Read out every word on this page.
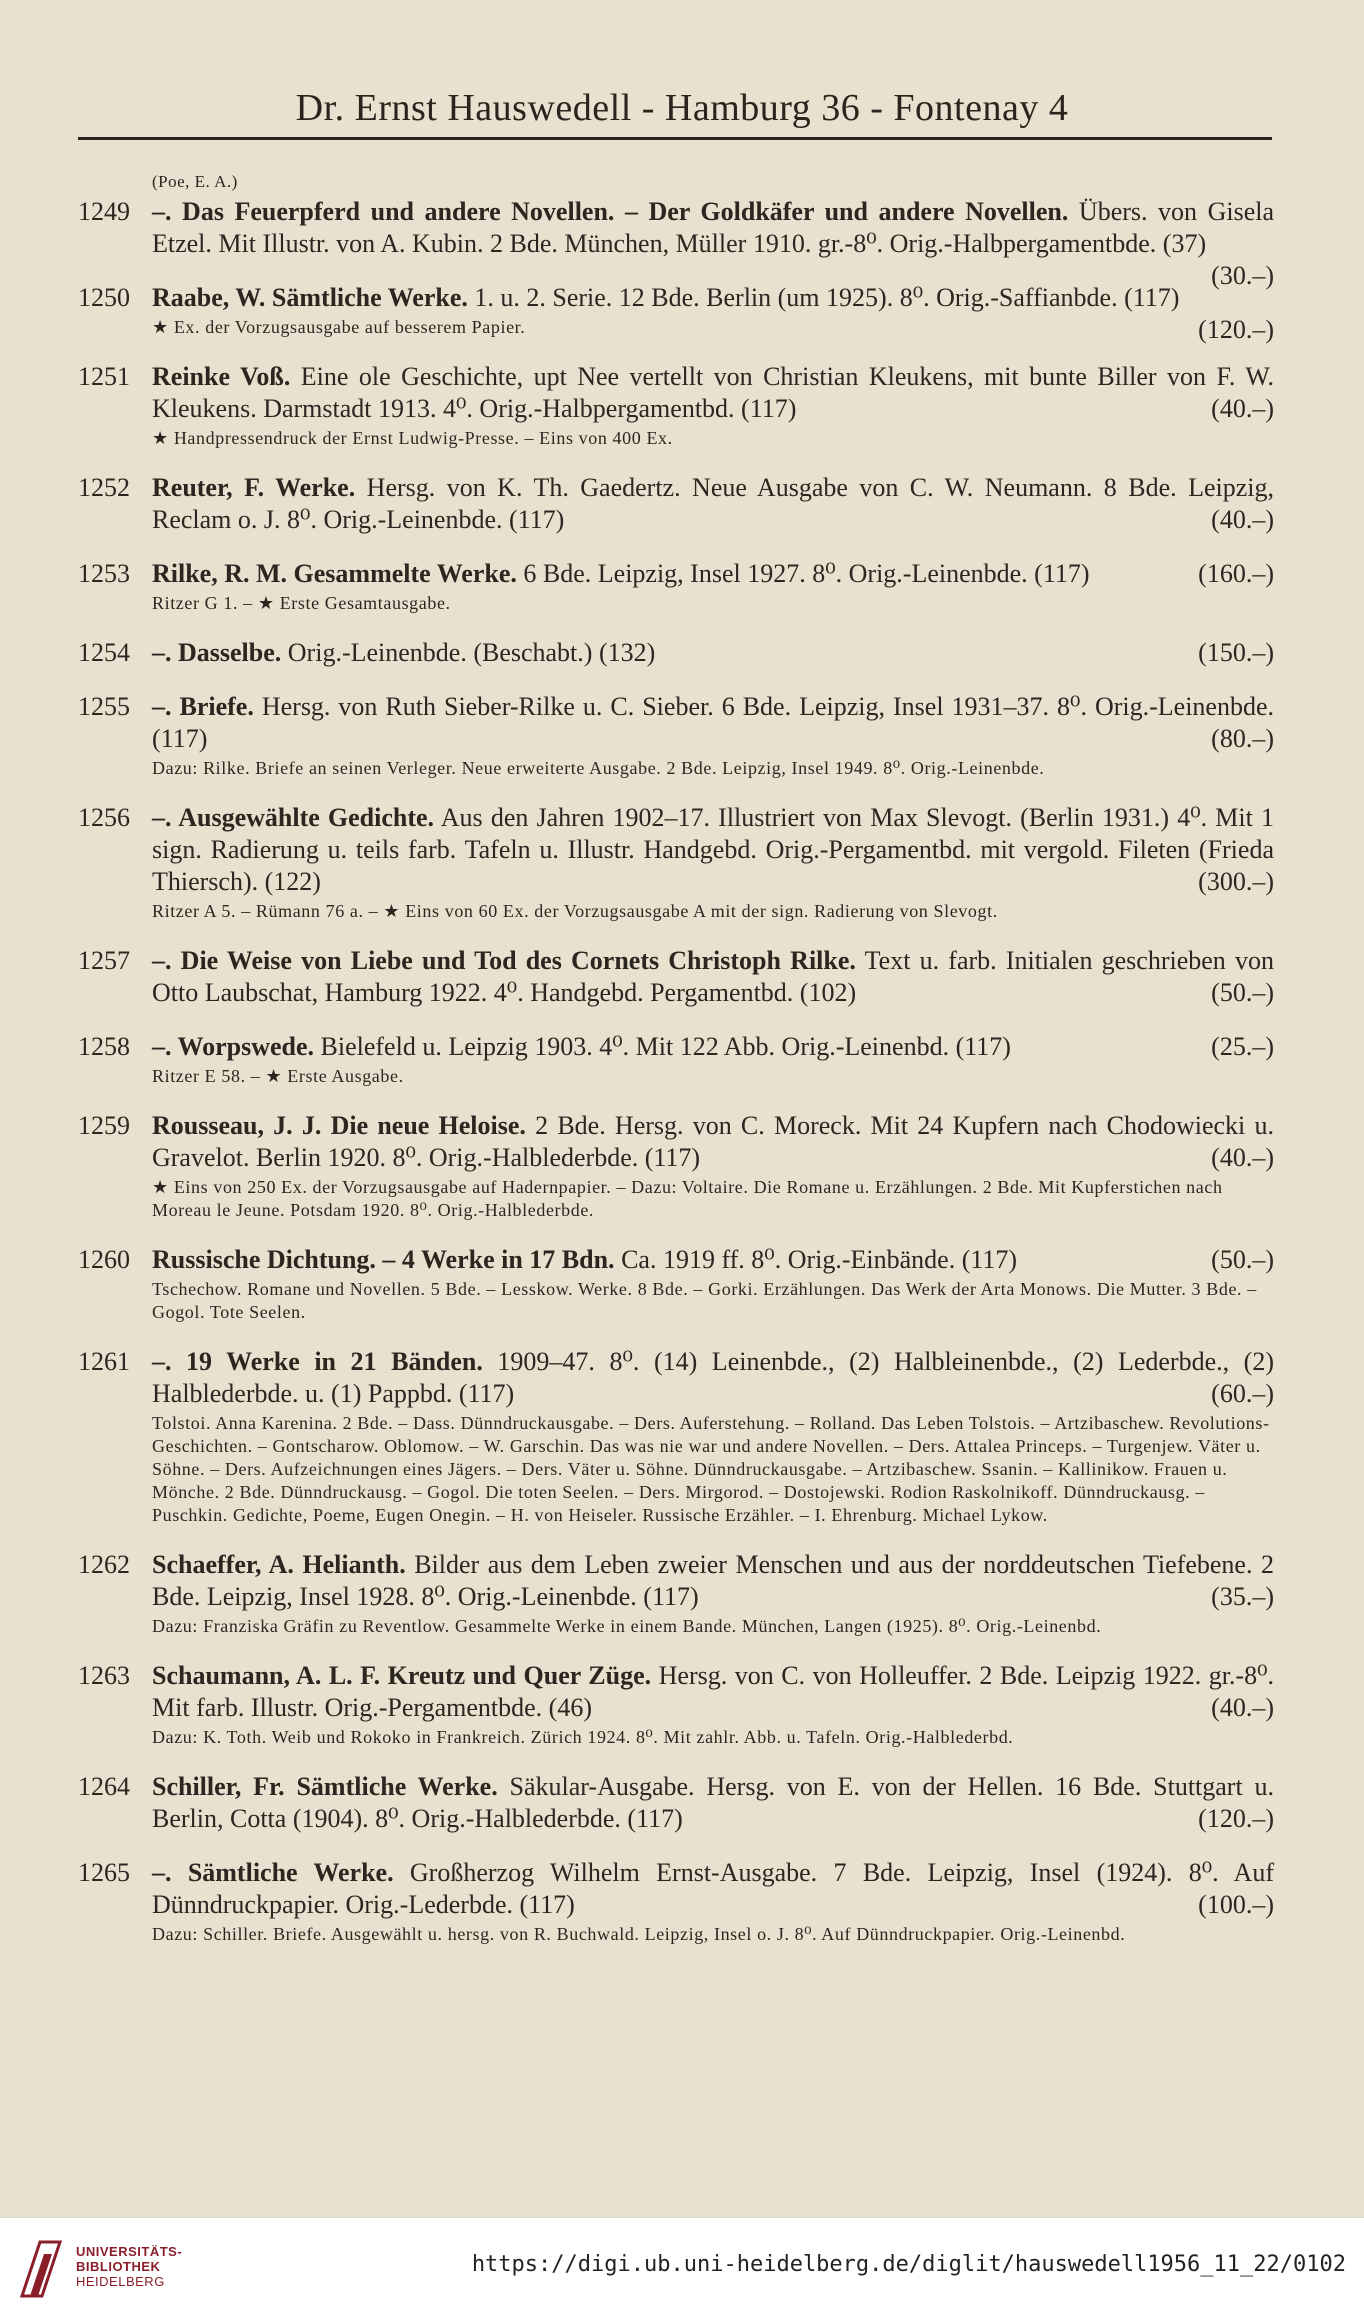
Dr. Ernst Hauswedell - Hamburg 36 - Fontenay 4
(Poe, E. A.)
1249 –. Das Feuerpferd und andere Novellen. – Der Goldkäfer und andere Novellen. Übers. von Gisela Etzel. Mit Illustr. von A. Kubin. 2 Bde. München, Müller 1910. gr.-8⁰. Orig.-Halbpergamentbde. (37)
(30.–)
1250 Raabe, W. Sämtliche Werke. 1. u. 2. Serie. 12 Bde. Berlin (um 1925). 8⁰. Orig.-Saffianbde. (117)
(120.–)
★ Ex. der Vorzugsausgabe auf besserem Papier.
1251 Reinke Voß. Eine ole Geschichte, upt Nee vertellt von Christian Kleukens, mit bunte Biller von F. W. Kleukens. Darmstadt 1913. 4⁰. Orig.-Halbpergamentbd. (117)	(40.–)
★ Handpressendruck der Ernst Ludwig-Presse. – Eins von 400 Ex.
1252 Reuter, F. Werke. Hersg. von K. Th. Gaedertz. Neue Ausgabe von C. W. Neumann. 8 Bde. Leipzig, Reclam o. J. 8⁰. Orig.-Leinenbde. (117)	(40.–)
1253 Rilke, R. M. Gesammelte Werke. 6 Bde. Leipzig, Insel 1927. 8⁰. Orig.-Leinenbde. (117)	(160.–)
Ritzer G 1. – ★ Erste Gesamtausgabe.
1254 –. Dasselbe. Orig.-Leinenbde. (Beschabt.) (132)	(150.–)
1255 –. Briefe. Hersg. von Ruth Sieber-Rilke u. C. Sieber. 6 Bde. Leipzig, Insel 1931–37. 8⁰. Orig.-Leinenbde. (117)	(80.–)
Dazu: Rilke. Briefe an seinen Verleger. Neue erweiterte Ausgabe. 2 Bde. Leipzig, Insel 1949. 8⁰. Orig.-Leinenbde.
1256 –. Ausgewählte Gedichte. Aus den Jahren 1902–17. Illustriert von Max Slevogt. (Berlin 1931.) 4⁰. Mit 1 sign. Radierung u. teils farb. Tafeln u. Illustr. Handgebd. Orig.-Pergamentbd. mit vergold. Fileten (Frieda Thiersch). (122)	(300.–)
Ritzer A 5. – Rümann 76 a. – ★ Eins von 60 Ex. der Vorzugsausgabe A mit der sign. Radierung von Slevogt.
1257 –. Die Weise von Liebe und Tod des Cornets Christoph Rilke. Text u. farb. Initialen geschrieben von Otto Laubschat, Hamburg 1922. 4⁰. Handgebd. Pergamentbd. (102)	(50.–)
1258 –. Worpswede. Bielefeld u. Leipzig 1903. 4⁰. Mit 122 Abb. Orig.-Leinenbd. (117)	(25.–)
Ritzer E 58. – ★ Erste Ausgabe.
1259 Rousseau, J. J. Die neue Heloise. 2 Bde. Hersg. von C. Moreck. Mit 24 Kupfern nach Chodowiecki u. Gravelot. Berlin 1920. 8⁰. Orig.-Halblederbde. (117)	(40.–)
★ Eins von 250 Ex. der Vorzugsausgabe auf Hadernpapier. – Dazu: Voltaire. Die Romane u. Erzählungen. 2 Bde. Mit Kupferstichen nach Moreau le Jeune. Potsdam 1920. 8⁰. Orig.-Halblederbde.
1260 Russische Dichtung. – 4 Werke in 17 Bdn. Ca. 1919 ff. 8⁰. Orig.-Einbände. (117)	(50.–)
Tschechow. Romane und Novellen. 5 Bde. – Lesskow. Werke. 8 Bde. – Gorki. Erzählungen. Das Werk der Arta Monows. Die Mutter. 3 Bde. – Gogol. Tote Seelen.
1261 –. 19 Werke in 21 Bänden. 1909–47. 8⁰. (14) Leinenbde., (2) Halbleinenbde., (2) Lederbde., (2) Halblederbde. u. (1) Pappbd. (117)	(60.–)
Tolstoi. Anna Karenina. 2 Bde. – Dass. Dünndruckausgabe. – Ders. Auferstehung. – Rolland. Das Leben Tolstois. – Artzibaschew. Revolutions-Geschichten. – Gontscharow. Oblomow. – W. Garschin. Das was nie war und andere Novellen. – Ders. Attalea Princeps. – Turgenjew. Väter u. Söhne. – Ders. Aufzeichnungen eines Jägers. – Ders. Väter u. Söhne. Dünndruckausgabe. – Artzibaschew. Ssanin. – Kallinikow. Frauen u. Mönche. 2 Bde. Dünndruckausg. – Gogol. Die toten Seelen. – Ders. Mirgorod. – Dostojewski. Rodion Raskolnikoff. Dünndruckausg. – Puschkin. Gedichte, Poeme, Eugen Onegin. – H. von Heiseler. Russische Erzähler. – I. Ehrenburg. Michael Lykow.
1262 Schaeffer, A. Helianth. Bilder aus dem Leben zweier Menschen und aus der norddeutschen Tiefebene. 2 Bde. Leipzig, Insel 1928. 8⁰. Orig.-Leinenbde. (117)	(35.–)
Dazu: Franziska Gräfin zu Reventlow. Gesammelte Werke in einem Bande. München, Langen (1925). 8⁰. Orig.-Leinenbd.
1263 Schaumann, A. L. F. Kreutz und Quer Züge. Hersg. von C. von Holleuffer. 2 Bde. Leipzig 1922. gr.-8⁰. Mit farb. Illustr. Orig.-Pergamentbde. (46)	(40.–)
Dazu: K. Toth. Weib und Rokoko in Frankreich. Zürich 1924. 8⁰. Mit zahlr. Abb. u. Tafeln. Orig.-Halblederbd.
1264 Schiller, Fr. Sämtliche Werke. Säkular-Ausgabe. Hersg. von E. von der Hellen. 16 Bde. Stuttgart u. Berlin, Cotta (1904). 8⁰. Orig.-Halblederbde. (117)	(120.–)
1265 –. Sämtliche Werke. Großherzog Wilhelm Ernst-Ausgabe. 7 Bde. Leipzig, Insel (1924). 8⁰. Auf Dünndruckpapier. Orig.-Lederbde. (117)	(100.–)
Dazu: Schiller. Briefe. Ausgewählt u. hersg. von R. Buchwald. Leipzig, Insel o. J. 8⁰. Auf Dünndruckpapier. Orig.-Leinenbd.
UNIVERSITÄTS-
BIBLIOTHEK
HEIDELBERG
https://digi.ub.uni-heidelberg.de/diglit/hauswedell1956_11_22/0102
